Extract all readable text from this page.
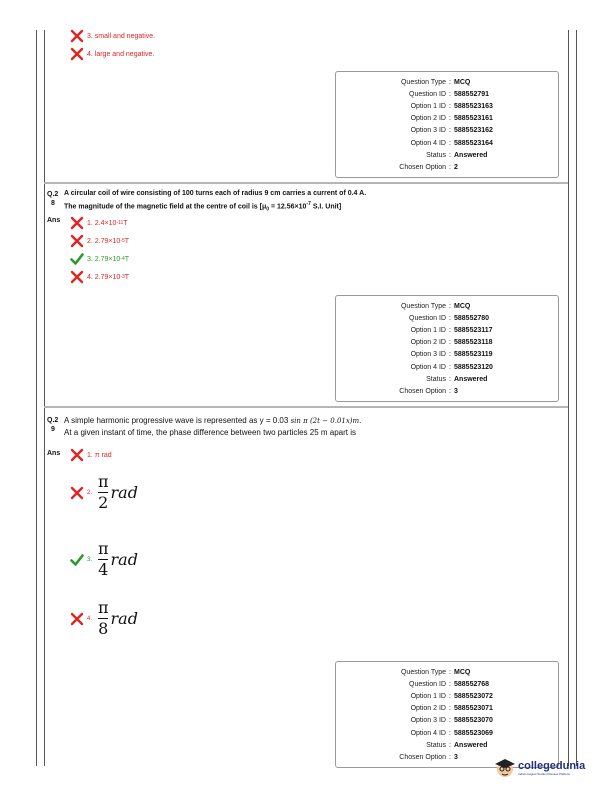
3. small and negative.
4. large and negative.
Question Type : MCQ
Question ID : 588552791
Option 1 ID : 5885523163
Option 2 ID : 5885523161
Option 3 ID : 5885523162
Option 4 ID : 5885523164
Status : Answered
Chosen Option : 2
Q.2
8
A circular coil of wire consisting of 100 turns each of radius 9 cm carries a current of 0.4 A.
The magnitude of the magnetic field at the centre of coil is [$\mu_0 = 12.56\times 10^{-7}$ S.I. Unit]
Ans	1. 2.4×10 -11 T
2. 2.79×10 -5 T
3. 2.79×10 -4 T
4. 2.79×10 -3 T
Question Type : MCQ
Question ID : 588552780
Option 1 ID : 5885523117
Option 2 ID : 5885523118
Option 3 ID : 5885523119
Option 4 ID : 5885523120
Status : Answered
Chosen Option : 3
Q.2
9
A simple harmonic progressive wave is represented as y = 0.03 sin π (2t − 0.01x)m.
At a given instant of time, the phase difference between two particles 25 m apart is
Ans	1. π rad
2. $\frac{\pi}{2}$ rad
3. $\frac{\pi}{4}$ rad
4. $\frac{\pi}{8}$ rad
Question Type : MCQ
Question ID : 588552768
Option 1 ID : 5885523072
Option 2 ID : 5885523071
Option 3 ID : 5885523070
Option 4 ID : 5885523069
Status : Answered
Chosen Option : 3
collegedunia
India's largest Student Review Platform
